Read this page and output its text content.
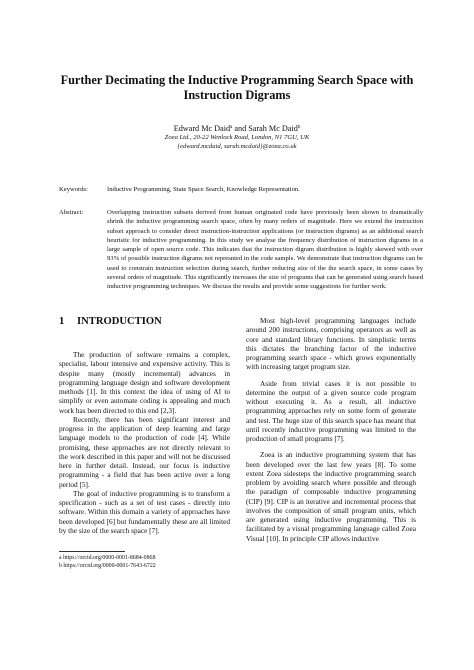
Further Decimating the Inductive Programming Search Space with
Instruction Digrams
Edward Mc Daid$^a$ and Sarah Mc Daid$^b$
Zoea Ltd., 20-22 Wenlock Road, London, N1 7GU, UK
{edward.mcdaid, sarah.mcdaid}@zoea.co.uk
Keywords:	Inductive Programming, State Space Search, Knowledge Representation.
Abstract:	Overlapping instruction subsets derived from human originated code have previously been shown to dramatically shrink the inductive programming search space, often by many orders of magnitude. Here we extend the instruction subset approach to consider direct instruction-instruction applications (or instruction digrams) as an additional search heuristic for inductive programming. In this study we analyse the frequency distribution of instruction digrams in a large sample of open source code. This indicates that the instruction digram distribution is highly skewed with over 93% of possible instruction digrams not represnted in the code sample. We demonstrate that instruction digrams can be used to constrain instruction selection during search, further reducing size of the the search space, in some cases by several orders of magnitude. This significantly increases the size of programs that can be generated using search based inductive programming techniques. We discuss the results and provide some suggestions for further work.
1 INTRODUCTION

The production of software remains a complex, specialist, labour intensive and expensive activity. This is despite many (mostly incremental) advances in programming language design and software development methods [1]. In this context the idea of using of AI to simplify or even automate coding is appealing and much work has been directed to this end [2,3].

Recently, there has been significant interest and progress in the application of deep learning and large language models to the production of code [4]. While promising, these approaches are not directly relevant to the work described in this paper and will not be discussed here in further detail. Instead, our focus is inductive programming - a field that has been active over a long period [5].

The goal of inductive programming is to transform a specification - such as a set of test cases - directly into software. Within this domain a variety of approaches have been developed [6] but fundamentally these are all limited by the size of the search space [7].

a https://orcid.org/0000-0001-8684-0868
b https://orcid.org/0000-0001-7643-6722

Most high-level programming languages include around 200 instructions, comprising operators as well as core and standard library functions. In simplistic terms this dictates the branching factor of the inductive programming search space - which grows exponentially with increasing target program size.

Aside from trivial cases it is not possible to determine the output of a given source code program without executing it. As a result, all inductive programming approaches rely on some form of generate and test. The huge size of this search space has meant that until recently inductive programming was limited to the production of small programs [7].

Zoea is an inductive programming system that has been developed over the last few years [8]. To some extent Zoea sidesteps the inductive programming search problem by avoiding search where possible and through the paradigm of composable inductive programming (CIP) [9]. CIP is an iterative and incremental process that involves the composition of small program units, which are generated using inductive programming. This is facilitated by a visual programming language called Zoea Visual [10]. In principle CIP allows inductive
